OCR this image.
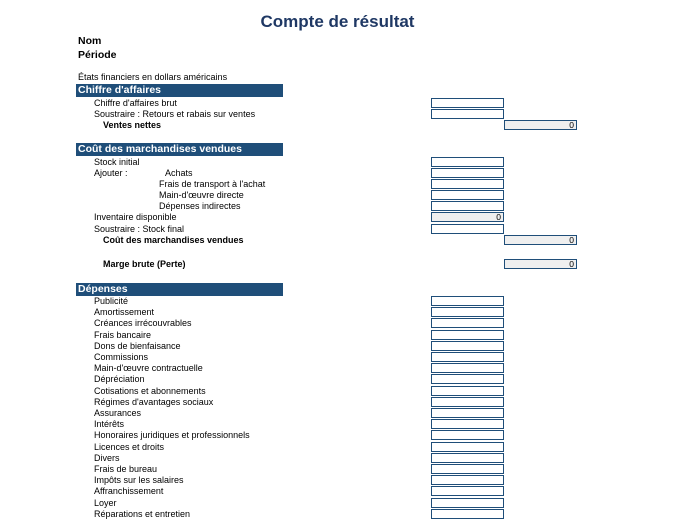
Compte de résultat
Nom
Période
États financiers en dollars américains
Chiffre d'affaires
Chiffre d'affaires brut
Soustraire : Retours et rabais sur ventes
Ventes nettes	0
Coût des marchandises vendues
Stock initial
Ajouter :	Achats
Frais de transport à l'achat
Main-d'œuvre directe
Dépenses indirectes
Inventaire disponible	0
Soustraire : Stock final
Coût des marchandises vendues	0
Marge brute (Perte)	0
Dépenses
Publicité
Amortissement
Créances irrécouvrables
Frais bancaire
Dons de bienfaisance
Commissions
Main-d'œuvre contractuelle
Dépréciation
Cotisations et abonnements
Régimes d'avantages sociaux
Assurances
Intérêts
Honoraires juridiques et professionnels
Licences et droits
Divers
Frais de bureau
Impôts sur les salaires
Affranchissement
Loyer
Réparations et entretien
